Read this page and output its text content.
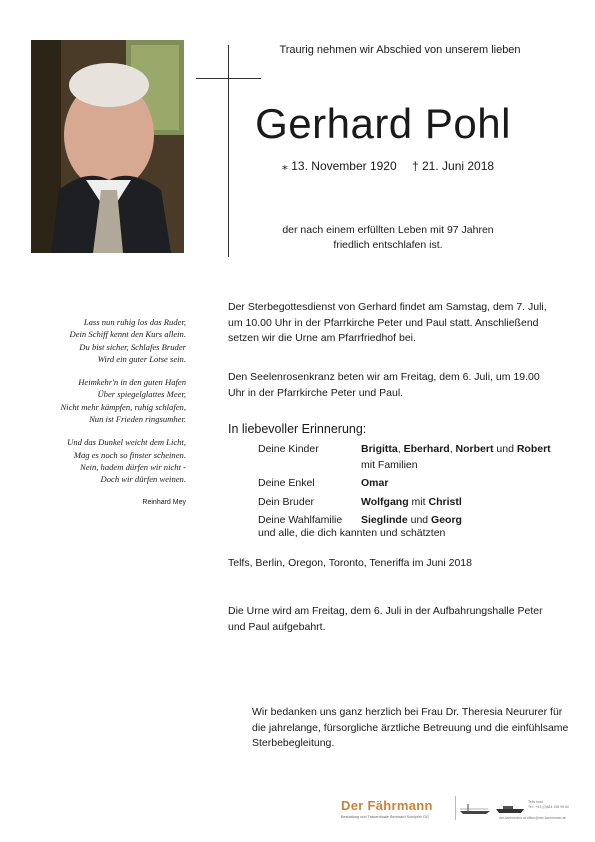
Traurig nehmen wir Abschied von unserem lieben
Gerhard Pohl
⁎ 13. November 1920 † 21. Juni 2018
der nach einem erfüllten Leben mit 97 Jahren
friedlich entschlafen ist.
Lass nun ruhig los das Ruder,
Dein Schiff kennt den Kurs allein.
Du bist sicher, Schlafes Bruder
Wird ein guter Lotse sein.
Heimkehr'n in den guten Hafen
Über spiegelglattes Meer,
Nicht mehr kämpfen, ruhig schlafen,
Nun ist Frieden ringsumher.
Und das Dunkel weicht dem Licht,
Mag es noch so finster scheinen.
Nein, hadem dürfen wir nicht -
Doch wir dürfen weinen.
Reinhard Mey
Der Sterbegottesdienst von Gerhard findet am Samstag, dem 7. Juli, um 10.00 Uhr in der Pfarrkirche Peter und Paul statt. Anschließend setzen wir die Urne am Pfarrfriedhof bei.
Den Seelenrosenkranz beten wir am Freitag, dem 6. Juli, um 19.00 Uhr in der Pfarrkirche Peter und Paul.
In liebevoller Erinnerung:
Deine Kinder	Brigitta, Eberhard, Norbert und Robert mit Familien
Deine Enkel	Omar
Dein Bruder	Wolfgang mit Christl
Deine Wahlfamilie	Sieglinde und Georg
und alle, die dich kannten und schätzten
Telfs, Berlin, Oregon, Toronto, Teneriffa im Juni 2018
Die Urne wird am Freitag, dem 6. Juli in der Aufbahrungshalle Peter und Paul aufgebahrt.
Wir bedanken uns ganz herzlich bei Frau Dr. Theresia Neururer für die jahrelange, fürsorgliche ärztliche Betreuung und die einfühlsame Sterbebegleitung.
Der Fährmann
Bestattung und Trauerrituale Bernhard Schöpfer OG
Telfs Imst
Tel.: +43 (0)664 155 99 60
der-faehrmann.at office@der-faehrmann.at
